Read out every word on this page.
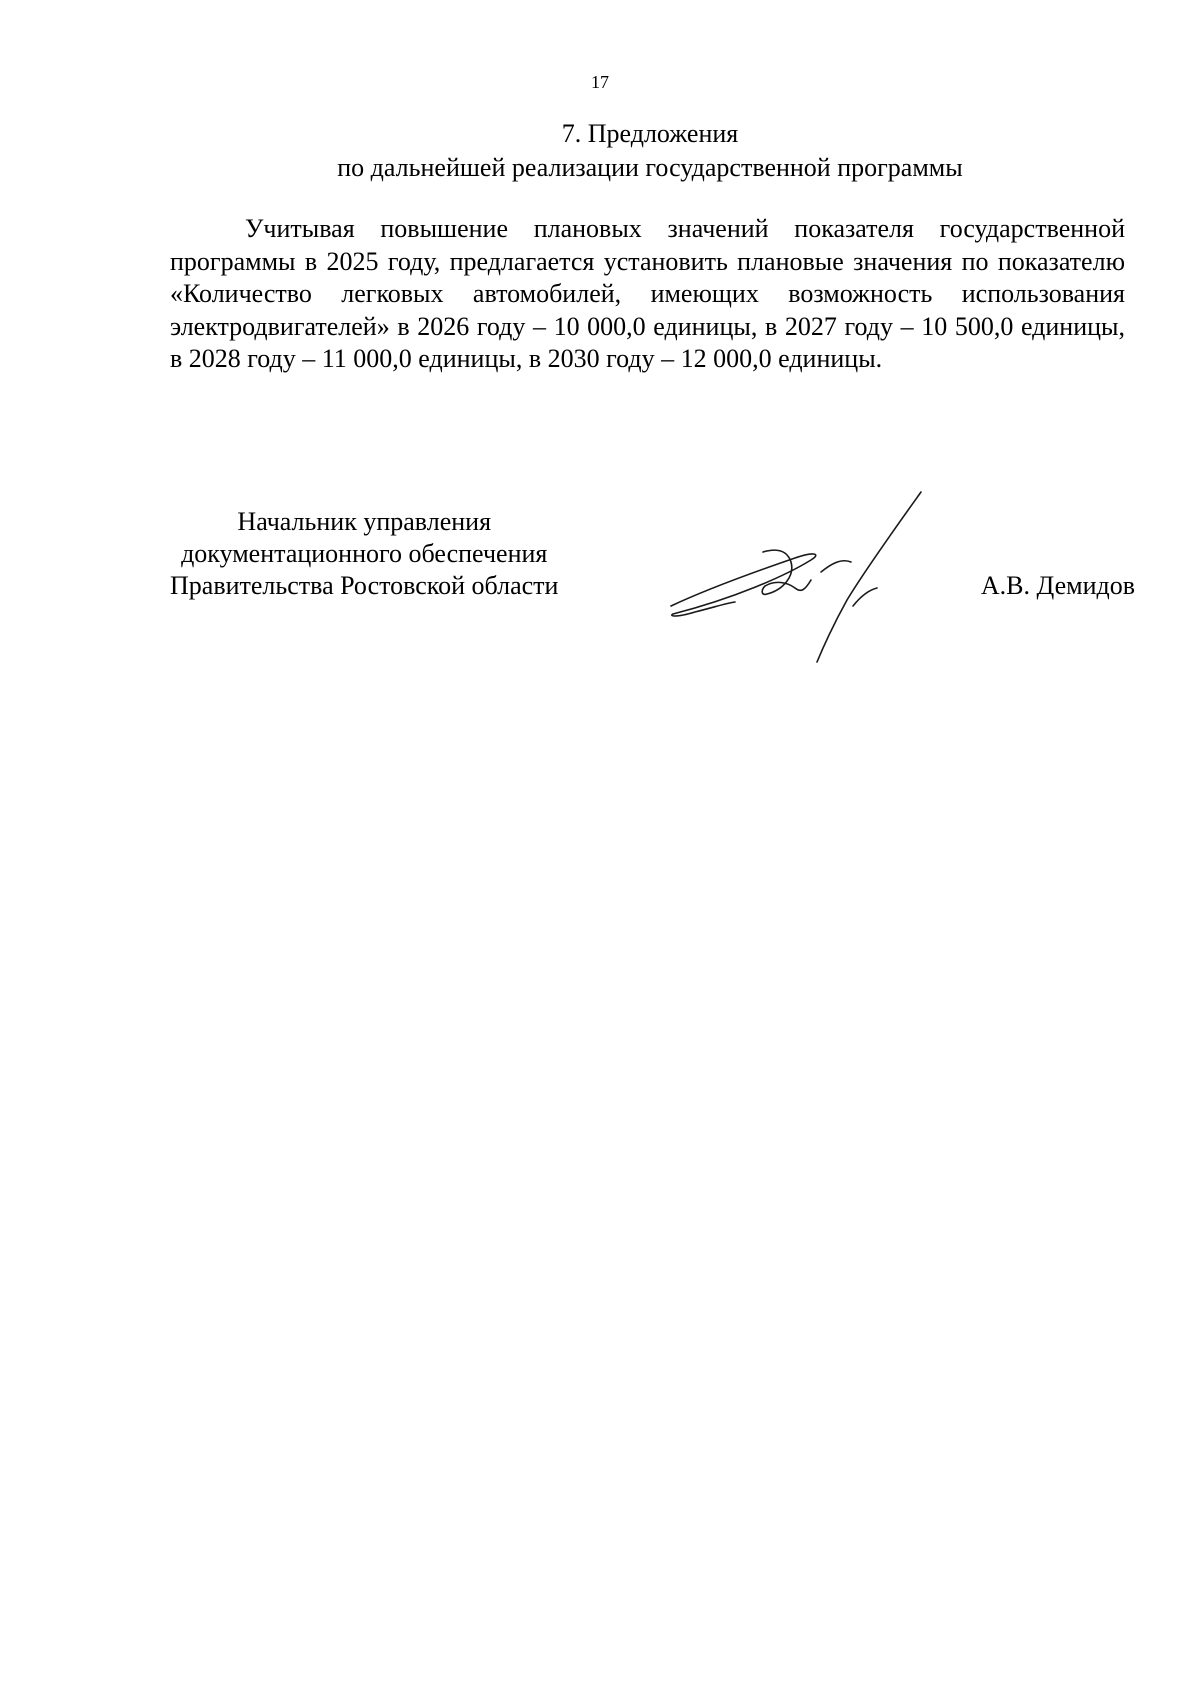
17
7. Предложения
по дальнейшей реализации государственной программы

Учитывая повышение плановых значений показателя государственной программы в 2025 году, предлагается установить плановые значения по показателю «Количество легковых автомобилей, имеющих возможность использования электродвигателей» в 2026 году – 10 000,0 единицы, в 2027 году – 10 500,0 единицы, в 2028 году – 11 000,0 единицы, в 2030 году – 12 000,0 единицы.

Начальник управления
документационного обеспечения
Правительства Ростовской области	А.В. Демидов
